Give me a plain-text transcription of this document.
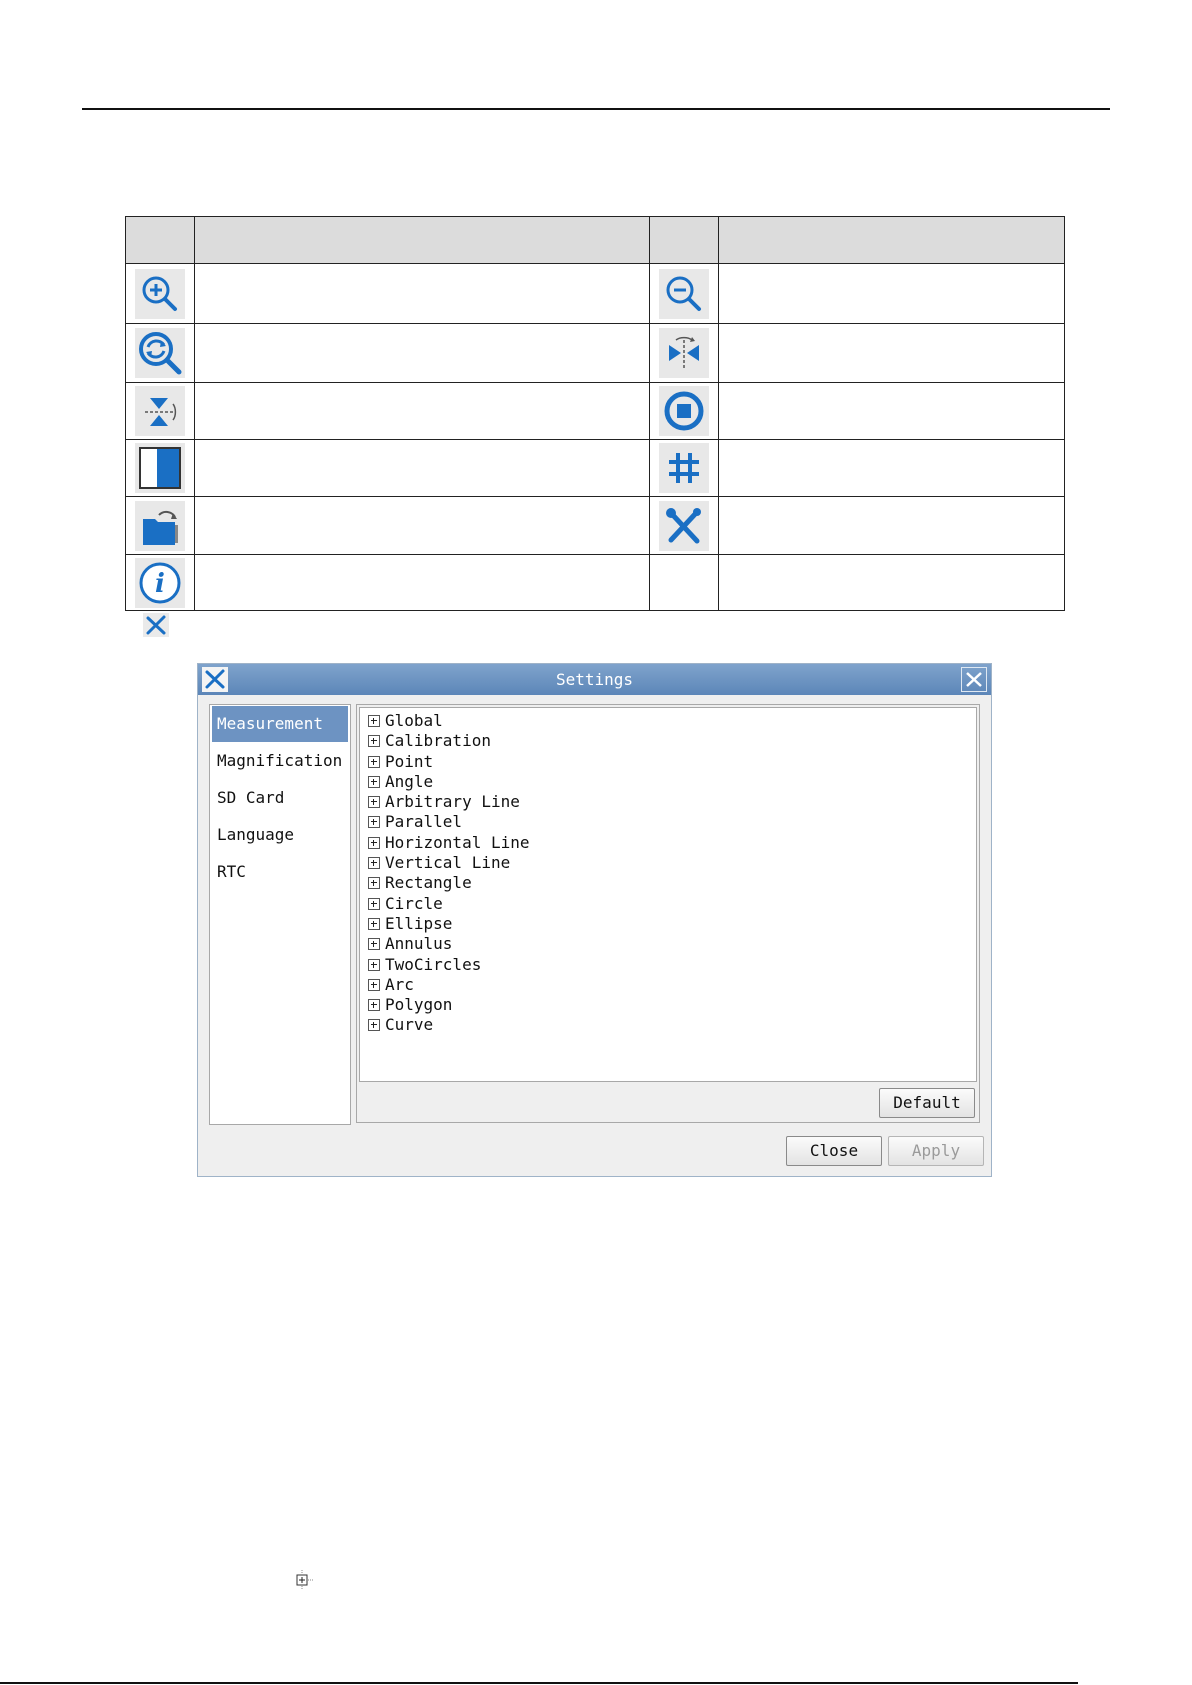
i			

Settings
Measurement
Magnification
SD Card
Language
RTC
Global
Calibration
Point
Angle
Arbitrary Line
Parallel
Horizontal Line
Vertical Line
Rectangle
Circle
Ellipse
Annulus
TwoCircles
Arc
Polygon
Curve
Default
Close	Apply
